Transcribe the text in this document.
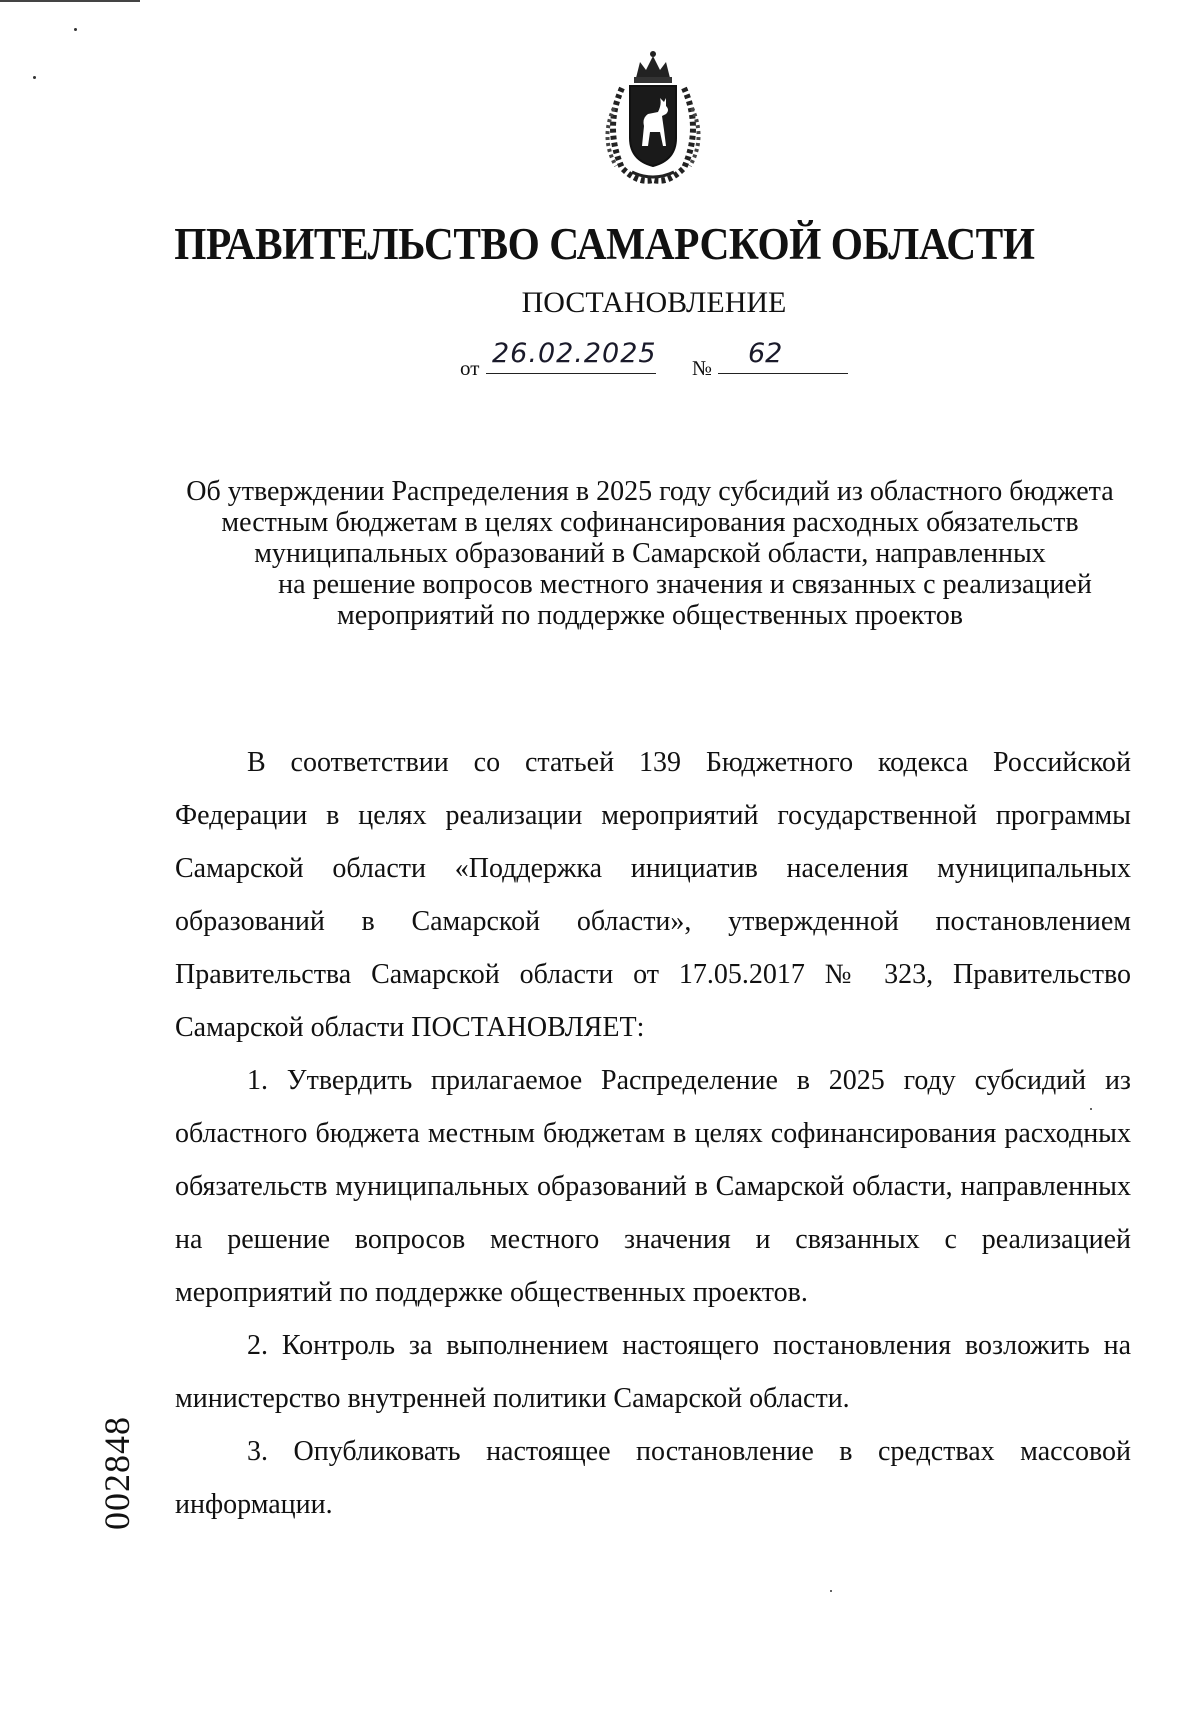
ПРАВИТЕЛЬСТВО САМАРСКОЙ ОБЛАСТИ
ПОСТАНОВЛЕНИЕ
от 26.02.2025 №	62
Об утверждении Распределения в 2025 году субсидий из областного бюджета
местным бюджетам в целях софинансирования расходных обязательств
муниципальных образований в Самарской области, направленных
на решение вопросов местного значения и связанных с реализацией
мероприятий по поддержке общественных проектов

В соответствии со статьей 139 Бюджетного кодекса Российской Федерации в целях реализации мероприятий государственной программы Самарской области «Поддержка инициатив населения муниципальных образований в Самарской области», утвержденной постановлением Правительства Самарской области от 17.05.2017 № 323, Правительство Самарской области ПОСТАНОВЛЯЕТ:

1. Утвердить прилагаемое Распределение в 2025 году субсидий из областного бюджета местным бюджетам в целях софинансирования расходных обязательств муниципальных образований в Самарской области, направленных на решение вопросов местного значения и связанных с реализацией мероприятий по поддержке общественных проектов.

2. Контроль за выполнением настоящего постановления возложить на министерство внутренней политики Самарской области.

3. Опубликовать настоящее постановление в средствах массовой информации.

002848
